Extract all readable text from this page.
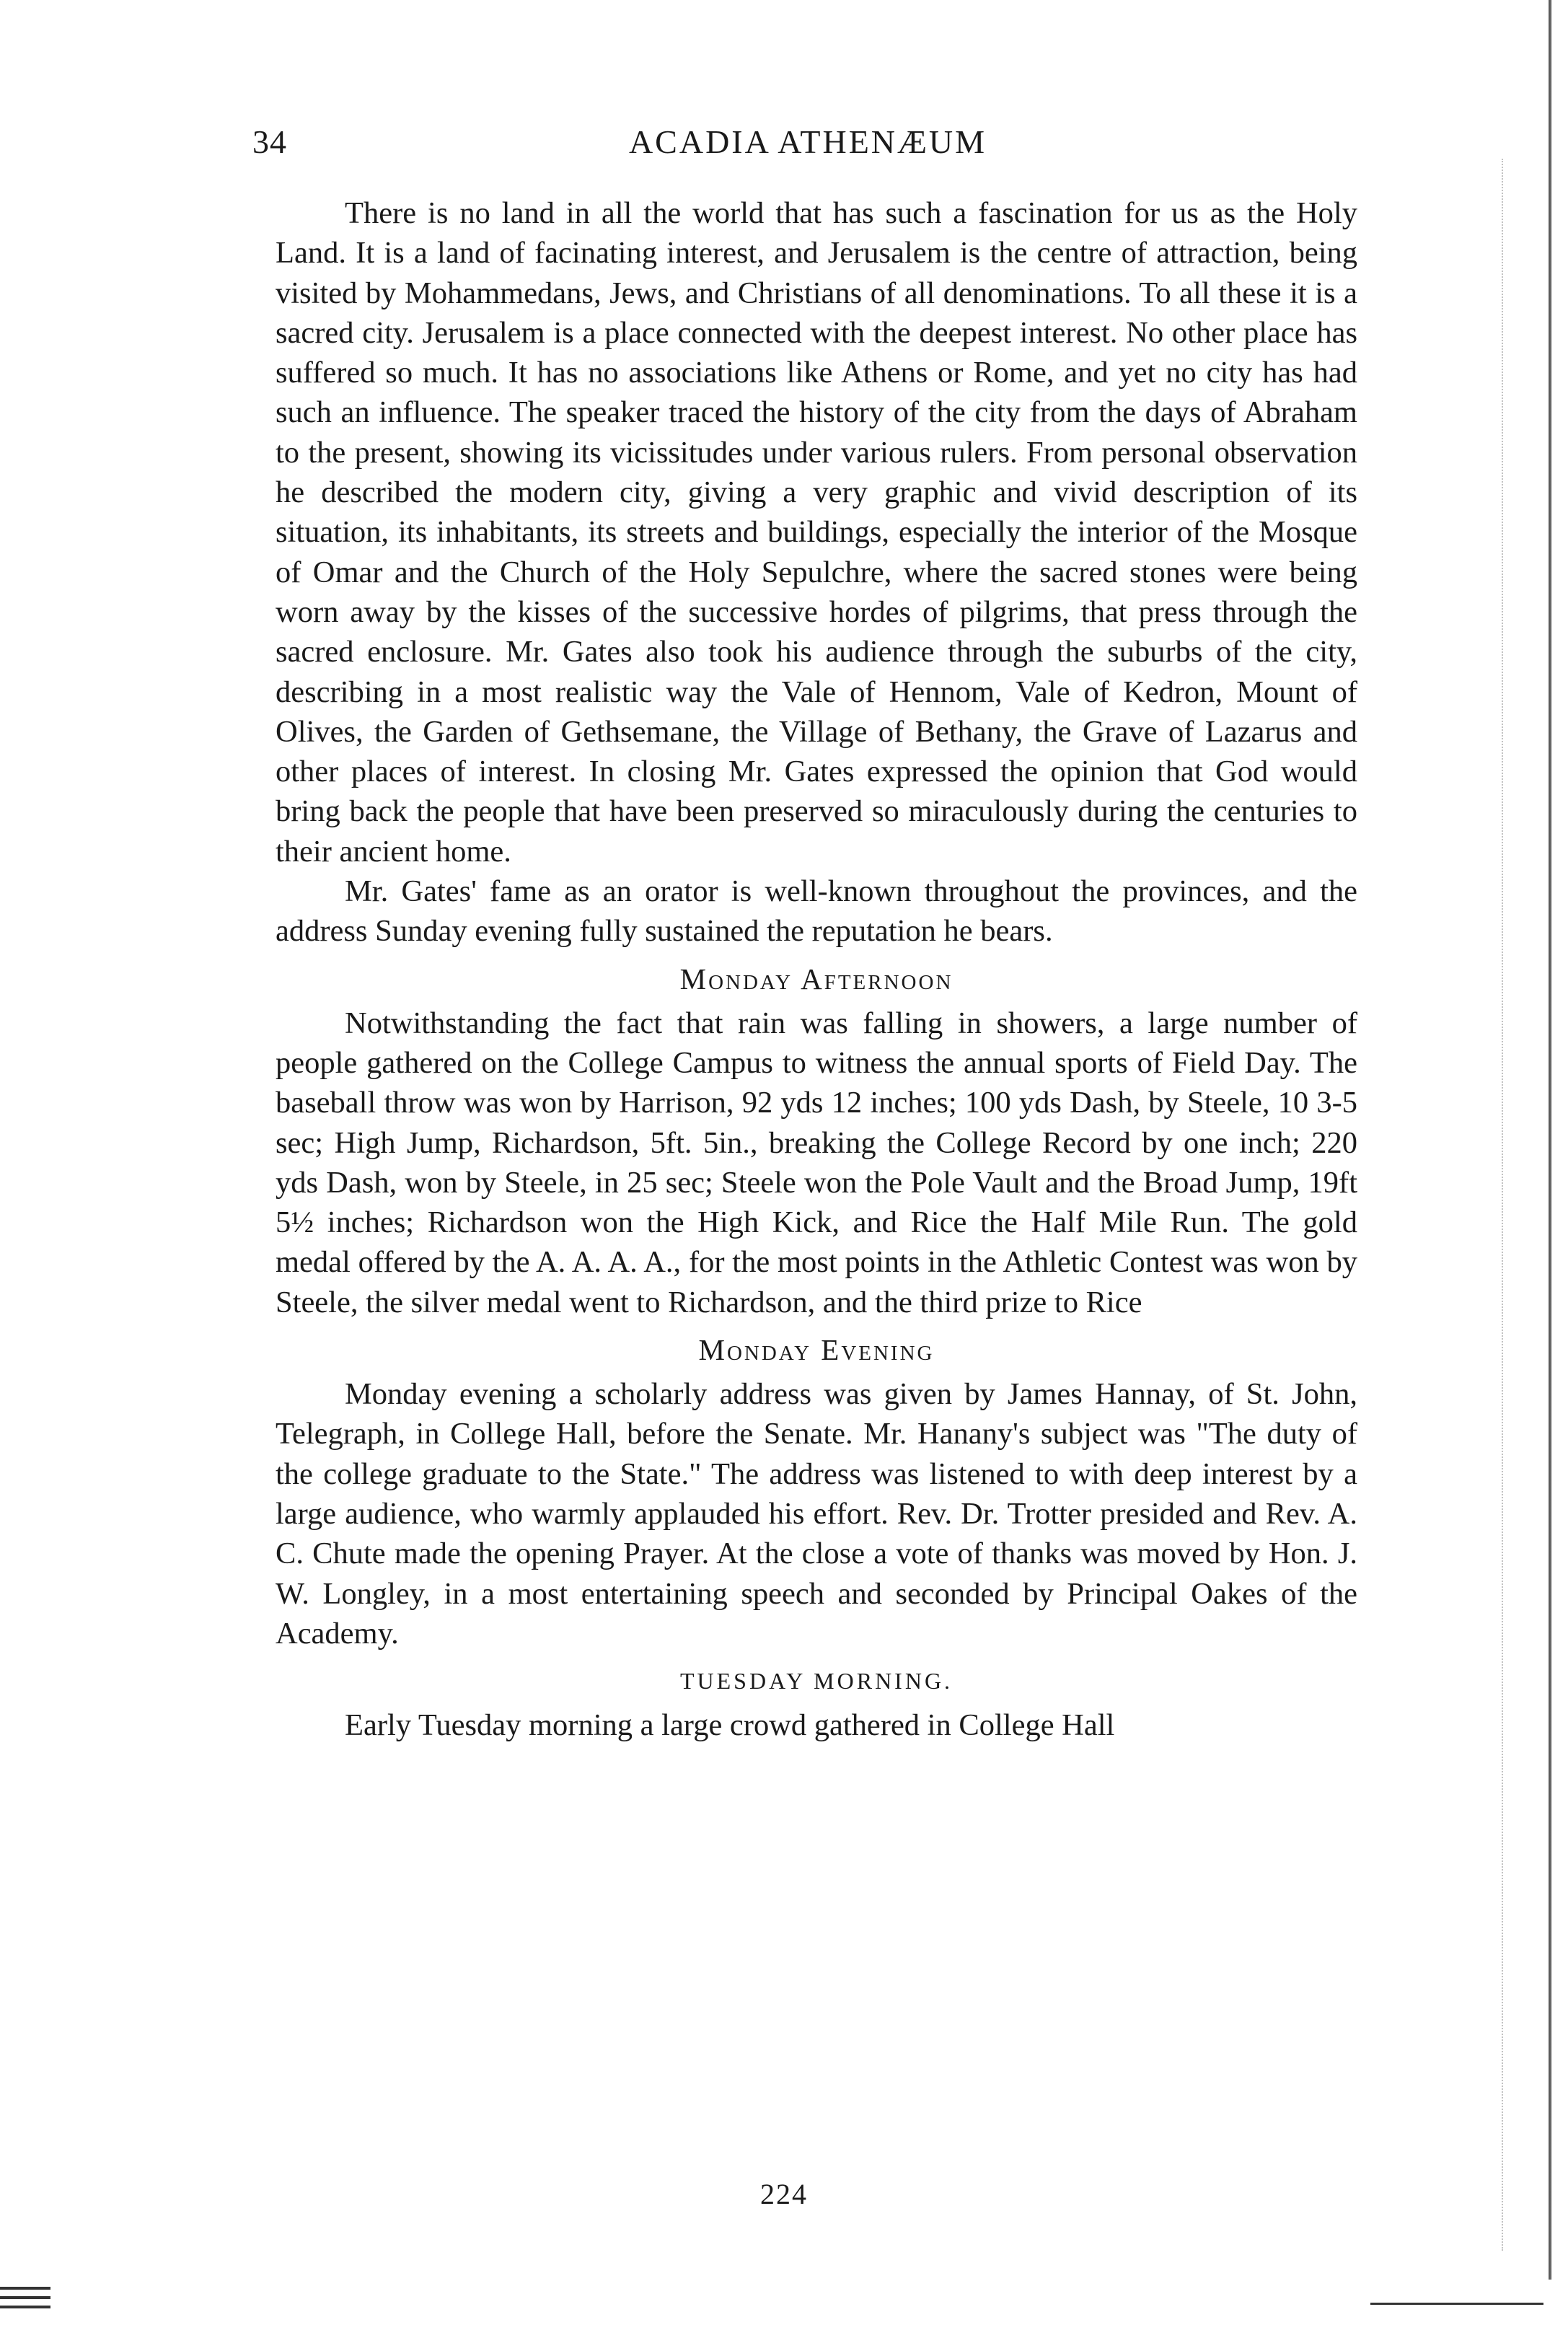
34	ACADIA ATHENÆUM

There is no land in all the world that has such a fascination for us as the Holy Land. It is a land of facinating interest, and Jerusalem is the centre of attraction, being visited by Mohammedans, Jews, and Christians of all denominations. To all these it is a sacred city. Jerusalem is a place connected with the deepest interest. No other place has suffered so much. It has no associations like Athens or Rome, and yet no city has had such an influence. The speaker traced the history of the city from the days of Abraham to the present, showing its vicissitudes under various rulers. From personal observation he described the modern city, giving a very graphic and vivid description of its situation, its inhabitants, its streets and buildings, especially the interior of the Mosque of Omar and the Church of the Holy Sepulchre, where the sacred stones were being worn away by the kisses of the successive hordes of pilgrims, that press through the sacred enclosure. Mr. Gates also took his audience through the suburbs of the city, describing in a most realistic way the Vale of Hennom, Vale of Kedron, Mount of Olives, the Garden of Gethsemane, the Village of Bethany, the Grave of Lazarus and other places of interest. In closing Mr. Gates expressed the opinion that God would bring back the people that have been preserved so miraculously during the centuries to their ancient home.

Mr. Gates' fame as an orator is well-known throughout the provinces, and the address Sunday evening fully sustained the reputation he bears.

Monday Afternoon

Notwithstanding the fact that rain was falling in showers, a large number of people gathered on the College Campus to witness the annual sports of Field Day. The baseball throw was won by Harrison, 92 yds 12 inches; 100 yds Dash, by Steele, 10 3-5 sec; High Jump, Richardson, 5ft. 5in., breaking the College Record by one inch; 220 yds Dash, won by Steele, in 25 sec; Steele won the Pole Vault and the Broad Jump, 19ft 5½ inches; Richardson won the High Kick, and Rice the Half Mile Run. The gold medal offered by the A. A. A. A., for the most points in the Athletic Contest was won by Steele, the silver medal went to Richardson, and the third prize to Rice

Monday Evening

Monday evening a scholarly address was given by James Hannay, of St. John, Telegraph, in College Hall, before the Senate. Mr. Hanany's subject was "The duty of the college graduate to the State." The address was listened to with deep interest by a large audience, who warmly applauded his effort. Rev. Dr. Trotter presided and Rev. A. C. Chute made the opening Prayer. At the close a vote of thanks was moved by Hon. J. W. Longley, in a most entertaining speech and seconded by Principal Oakes of the Academy.

TUESDAY MORNING.

Early Tuesday morning a large crowd gathered in College Hall

224
